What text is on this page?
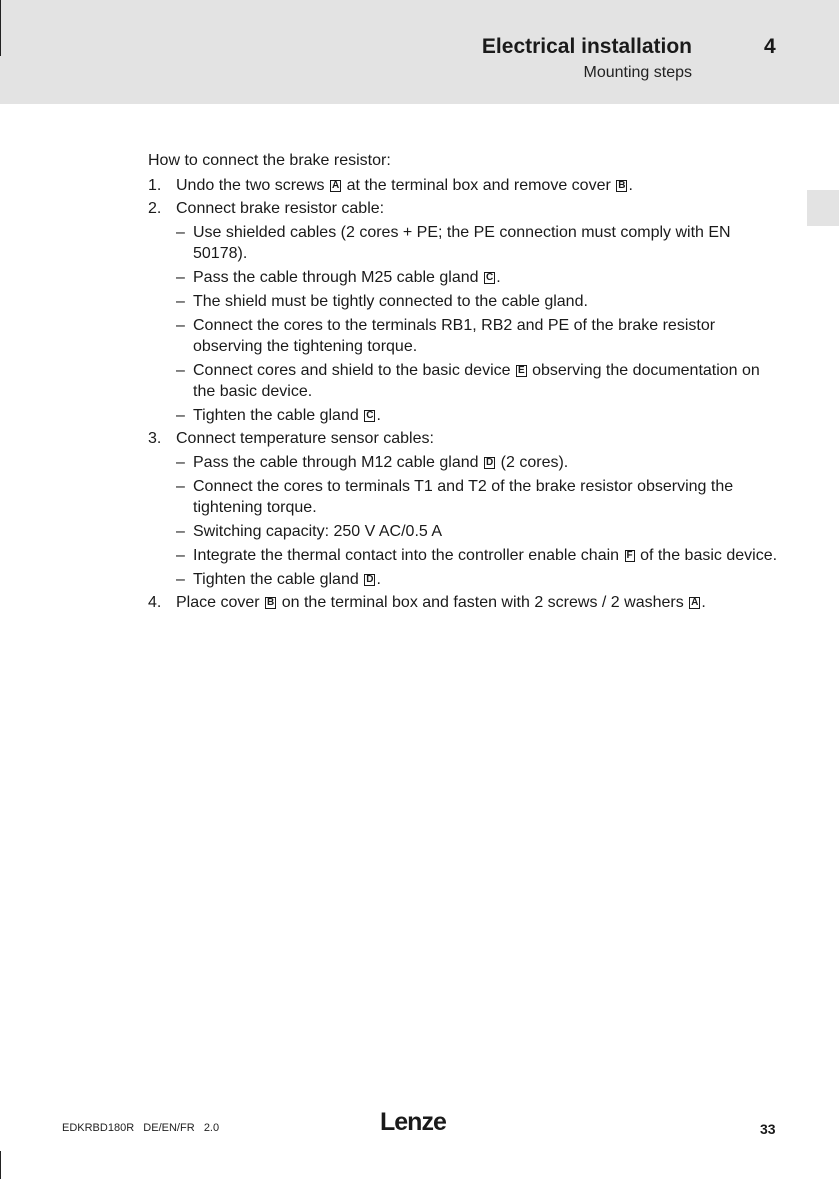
Electrical installation
Mounting steps
4

How to connect the brake resistor:

1. Undo the two screws A at the terminal box and remove cover B .
2. Connect brake resistor cable:
– Use shielded cables (2 cores + PE; the PE connection must comply with EN 50178).
– Pass the cable through M25 cable gland C .
– The shield must be tightly connected to the cable gland.
– Connect the cores to the terminals RB1, RB2 and PE of the brake resistor observing the tightening torque.
– Connect cores and shield to the basic device E observing the documentation on the basic device.
– Tighten the cable gland C .
3. Connect temperature sensor cables:
– Pass the cable through M12 cable gland D (2 cores).
– Connect the cores to terminals T1 and T2 of the brake resistor observing the tightening torque.
– Switching capacity: 250 V AC/0.5 A
– Integrate the thermal contact into the controller enable chain F of the basic device.
– Tighten the cable gland D .
4. Place cover B on the terminal box and fasten with 2 screws / 2 washers A .
EDKRBD180R   DE/EN/FR   2.0	Lenze	33
